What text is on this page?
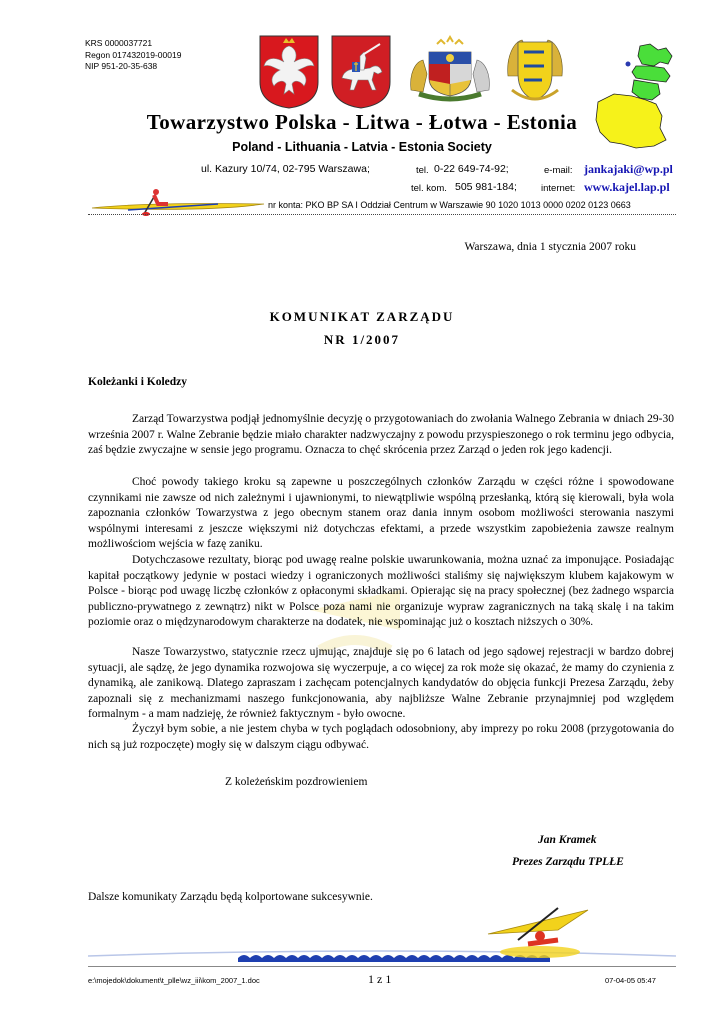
KRS 0000037721
Regon 017432019-00019
NIP 951-20-35-638
Towarzystwo Polska - Litwa - Łotwa - Estonia
Poland - Lithuania - Latvia - Estonia Society
ul. Kazury 10/74, 02-795 Warszawa;	tel. 0-22 649-74-92;	e-mail: jankajaki@wp.pl
tel. kom. 505 981-184;	internet: www.kajel.lap.pl
nr konta: PKO BP SA I Oddział Centrum w Warszawie 90 1020 1013 0000 0202 0123 0663
Warszawa, dnia 1 stycznia 2007 roku
KOMUNIKAT ZARZĄDU
NR 1/2007
Koleżanki i Koledzy

Zarząd Towarzystwa podjął jednomyślnie decyzję o przygotowaniach do zwołania Walnego Zebrania w dniach 29-30 września 2007 r. Walne Zebranie będzie miało charakter nadzwyczajny z powodu przyspieszonego o rok terminu jego odbycia, zaś będzie zwyczajne w sensie jego programu. Oznacza to chęć skrócenia przez Zarząd o jeden rok jego kadencji.

Choć powody takiego kroku są zapewne u poszczególnych członków Zarządu w części różne i spowodowane czynnikami nie zawsze od nich zależnymi i ujawnionymi, to niewątpliwie wspólną przesłanką, którą się kierowali, była wola zapoznania członków Towarzystwa z jego obecnym stanem oraz dania innym osobom możliwości sterowania naszymi wspólnymi interesami z jeszcze większymi niż dotychczas efektami, a przede wszystkim zapobieżenia zawsze realnym możliwościom wejścia w fazę zaniku.

Dotychczasowe rezultaty, biorąc pod uwagę realne polskie uwarunkowania, można uznać za imponujące. Posiadając kapitał początkowy jedynie w postaci wiedzy i ograniczonych możliwości staliśmy się największym klubem kajakowym w Polsce - biorąc pod uwagę liczbę członków z opłaconymi składkami. Opierając się na pracy społecznej (bez żadnego wsparcia publiczno-prywatnego z zewnątrz) nikt w Polsce poza nami nie organizuje wypraw zagranicznych na taką skalę i na takim poziomie oraz o międzynarodowym charakterze na dodatek, nie wspominając już o kosztach niższych o 30%.

Nasze Towarzystwo, statycznie rzecz ujmując, znajduje się po 6 latach od jego sądowej rejestracji w bardzo dobrej sytuacji, ale sądzę, że jego dynamika rozwojowa się wyczerpuje, a co więcej za rok może się okazać, że mamy do czynienia z dynamiką, ale zanikową. Dlatego zapraszam i zachęcam potencjalnych kandydatów do objęcia funkcji Prezesa Zarządu, żeby zapoznali się z mechanizmami naszego funkcjonowania, aby najbliższe Walne Zebranie przynajmniej pod względem formalnym - a mam nadzieję, że również faktycznym - było owocne.

Życzył bym sobie, a nie jestem chyba w tych poglądach odosobniony, aby imprezy po roku 2008 (przygotowania do nich są już rozpoczęte) mogły się w dalszym ciągu odbywać.

Z koleżeńskim pozdrowieniem
Jan Kramek
Prezes Zarządu TPLŁE
Dalsze komunikaty Zarządu będą kolportowane sukcesywnie.
e:\mojedok\dokument\t_plle\wz_iii\kom_2007_1.doc	1 z 1	07-04-05 05:47
